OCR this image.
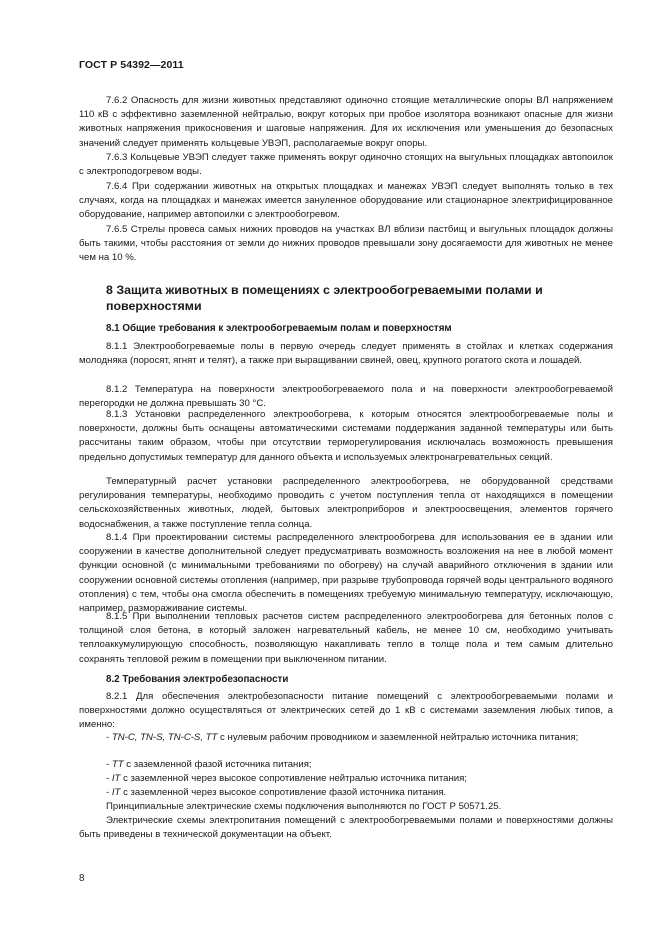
ГОСТ Р 54392—2011
7.6.2 Опасность для жизни животных представляют одиночно стоящие металлические опоры ВЛ напряжением 110 кВ с эффективно заземленной нейтралью, вокруг которых при пробое изолятора возникают опасные для жизни животных напряжения прикосновения и шаговые напряжения. Для их исключения или уменьшения до безопасных значений следует применять кольцевые УВЭП, располагаемые вокруг опоры.
7.6.3 Кольцевые УВЭП следует также применять вокруг одиночно стоящих на выгульных площадках автопоилок с электроподогревом воды.
7.6.4 При содержании животных на открытых площадках и манежах УВЭП следует выполнять только в тех случаях, когда на площадках и манежах имеется зануленное оборудование или стационарное электрифицированное оборудование, например автопоилки с электрообогревом.
7.6.5 Стрелы провеса самых нижних проводов на участках ВЛ вблизи пастбищ и выгульных площадок должны быть такими, чтобы расстояния от земли до нижних проводов превышали зону досягаемости для животных не менее чем на 10 %.
8 Защита животных в помещениях с электрообогреваемыми полами и поверхностями
8.1 Общие требования к электрообогреваемым полам и поверхностям
8.1.1 Электрообогреваемые полы в первую очередь следует применять в стойлах и клетках содержания молодняка (поросят, ягнят и телят), а также при выращивании свиней, овец, крупного рогатого скота и лошадей.
8.1.2 Температура на поверхности электрообогреваемого пола и на поверхности электрообогреваемой перегородки не должна превышать 30 °С.
8.1.3 Установки распределенного электрообогрева, к которым относятся электрообогреваемые полы и поверхности, должны быть оснащены автоматическими системами поддержания заданной температуры или быть рассчитаны таким образом, чтобы при отсутствии терморегулирования исключалась возможность превышения предельно допустимых температур для данного объекта и используемых электронагревательных секций.
Температурный расчет установки распределенного электрообогрева, не оборудованной средствами регулирования температуры, необходимо проводить с учетом поступления тепла от находящихся в помещении сельскохозяйственных животных, людей, бытовых электроприборов и электроосвещения, элементов горячего водоснабжения, а также поступление тепла солнца.
8.1.4 При проектировании системы распределенного электрообогрева для использования ее в здании или сооружении в качестве дополнительной следует предусматривать возможность возложения на нее в любой момент функции основной (с минимальными требованиями по обогреву) на случай аварийного отключения в здании или сооружении основной системы отопления (например, при разрыве трубопровода горячей воды центрального водяного отопления) с тем, чтобы она смогла обеспечить в помещениях требуемую минимальную температуру, исключающую, например, размораживание системы.
8.1.5 При выполнении тепловых расчетов систем распределенного электрообогрева для бетонных полов с толщиной слоя бетона, в который заложен нагревательный кабель, не менее 10 см, необходимо учитывать теплоаккумулирующую способность, позволяющую накапливать тепло в толще пола и тем самым длительно сохранять тепловой режим в помещении при выключенном питании.
8.2 Требования электробезопасности
8.2.1 Для обеспечения электробезопасности питание помещений с электрообогреваемыми полами и поверхностями должно осуществляться от электрических сетей до 1 кВ с системами заземления любых типов, а именно:
- TN-C, TN-S, TN-C-S, TT с нулевым рабочим проводником и заземленной нейтралью источника питания;
- TT с заземленной фазой источника питания;
- IT с заземленной через высокое сопротивление нейтралью источника питания;
- IT с заземленной через высокое сопротивление фазой источника питания.
Принципиальные электрические схемы подключения выполняются по ГОСТ Р 50571.25.
Электрические схемы электропитания помещений с электрообогреваемыми полами и поверхностями должны быть приведены в технической документации на объект.
8
